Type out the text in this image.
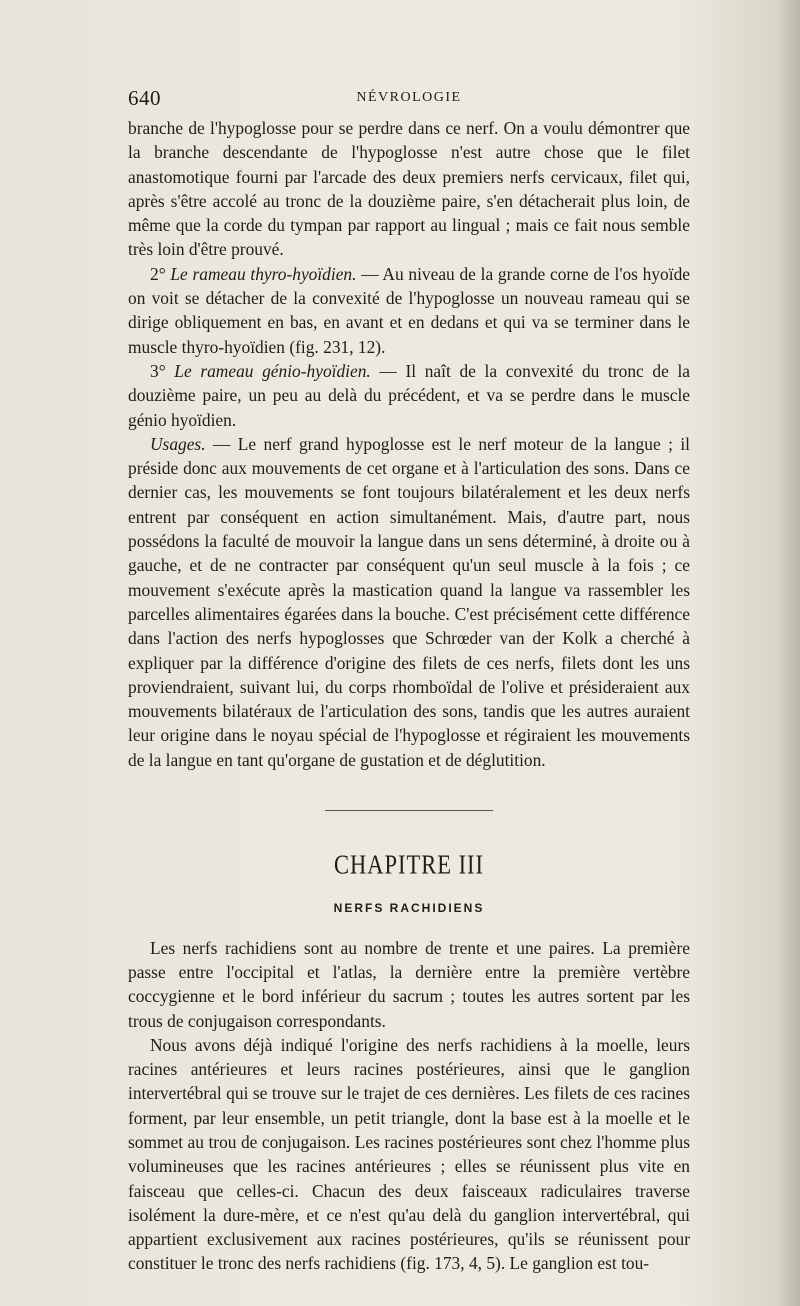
640	NÉVROLOGIE

branche de l'hypoglosse pour se perdre dans ce nerf. On a voulu démontrer que la branche descendante de l'hypoglosse n'est autre chose que le filet anastomotique fourni par l'arcade des deux premiers nerfs cervicaux, filet qui, après s'être accolé au tronc de la douzième paire, s'en détacherait plus loin, de même que la corde du tympan par rapport au lingual ; mais ce fait nous semble très loin d'être prouvé.

2° Le rameau thyro-hyoïdien. — Au niveau de la grande corne de l'os hyoïde on voit se détacher de la convexité de l'hypoglosse un nouveau rameau qui se dirige obliquement en bas, en avant et en dedans et qui va se terminer dans le muscle thyro-hyoïdien (fig. 231, 12).

3° Le rameau génio-hyoïdien. — Il naît de la convexité du tronc de la douzième paire, un peu au delà du précédent, et va se perdre dans le muscle génio hyoïdien.

Usages. — Le nerf grand hypoglosse est le nerf moteur de la langue ; il préside donc aux mouvements de cet organe et à l'articulation des sons. Dans ce dernier cas, les mouvements se font toujours bilatéralement et les deux nerfs entrent par conséquent en action simultanément. Mais, d'autre part, nous possédons la faculté de mouvoir la langue dans un sens déterminé, à droite ou à gauche, et de ne contracter par conséquent qu'un seul muscle à la fois ; ce mouvement s'exécute après la mastication quand la langue va rassembler les parcelles alimentaires égarées dans la bouche. C'est précisément cette différence dans l'action des nerfs hypoglosses que Schrœder van der Kolk a cherché à expliquer par la différence d'origine des filets de ces nerfs, filets dont les uns proviendraient, suivant lui, du corps rhomboïdal de l'olive et présideraient aux mouvements bilatéraux de l'articulation des sons, tandis que les autres auraient leur origine dans le noyau spécial de l'hypoglosse et régiraient les mouvements de la langue en tant qu'organe de gustation et de déglutition.

CHAPITRE III
NERFS RACHIDIENS

Les nerfs rachidiens sont au nombre de trente et une paires. La première passe entre l'occipital et l'atlas, la dernière entre la première vertèbre coccygienne et le bord inférieur du sacrum ; toutes les autres sortent par les trous de conjugaison correspondants.

Nous avons déjà indiqué l'origine des nerfs rachidiens à la moelle, leurs racines antérieures et leurs racines postérieures, ainsi que le ganglion intervertébral qui se trouve sur le trajet de ces dernières. Les filets de ces racines forment, par leur ensemble, un petit triangle, dont la base est à la moelle et le sommet au trou de conjugaison. Les racines postérieures sont chez l'homme plus volumineuses que les racines antérieures ; elles se réunissent plus vite en faisceau que celles-ci. Chacun des deux faisceaux radiculaires traverse isolément la dure-mère, et ce n'est qu'au delà du ganglion intervertébral, qui appartient exclusivement aux racines postérieures, qu'ils se réunissent pour constituer le tronc des nerfs rachidiens (fig. 173, 4, 5). Le ganglion est tou-
